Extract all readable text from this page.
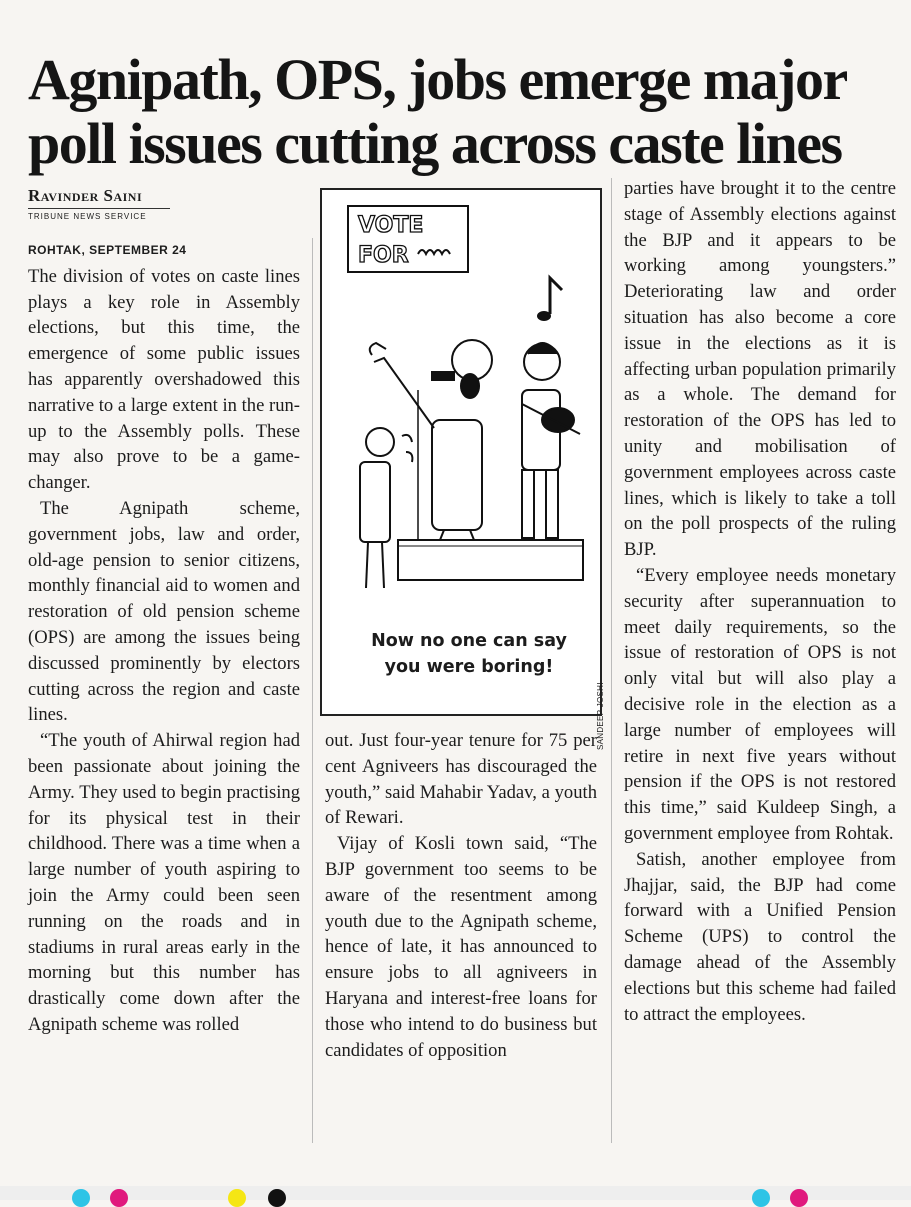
Agnipath, OPS, jobs emerge major poll issues cutting across caste lines
Ravinder Saini
TRIBUNE NEWS SERVICE
ROHTAK, SEPTEMBER 24

The division of votes on caste lines plays a key role in Assembly elections, but this time, the emergence of some public issues has apparently overshadowed this narrative to a large extent in the run-up to the Assembly polls. These may also prove to be a game-changer.

The Agnipath scheme, government jobs, law and order, old-age pension to senior citizens, monthly financial aid to women and restoration of old pension scheme (OPS) are among the issues being discussed prominently by electors cutting across the region and caste lines.

“The youth of Ahirwal region had been passionate about joining the Army. They used to begin practising for its physical test in their childhood. There was a time when a large number of youth aspiring to join the Army could been seen running on the roads and in stadiums in rural areas early in the morning but this number has drastically come down after the Agnipath scheme was rolled

VOTE
FOR
Now no one can say
you were boring!
SANDEEP JOSHI

out. Just four-year tenure for 75 per cent Agniveers has discouraged the youth,” said Mahabir Yadav, a youth of Rewari.

Vijay of Kosli town said, “The BJP government too seems to be aware of the resentment among youth due to the Agnipath scheme, hence of late, it has announced to ensure jobs to all agniveers in Haryana and interest-free loans for those who intend to do business but candidates of opposition

parties have brought it to the centre stage of Assembly elections against the BJP and it appears to be working among youngsters.” Deteriorating law and order situation has also become a core issue in the elections as it is affecting urban population primarily as a whole. The demand for restoration of the OPS has led to unity and mobilisation of government employees across caste lines, which is likely to take a toll on the poll prospects of the ruling BJP.

“Every employee needs monetary security after superannuation to meet daily requirements, so the issue of restoration of OPS is not only vital but will also play a decisive role in the election as a large number of employees will retire in next five years without pension if the OPS is not restored this time,” said Kuldeep Singh, a government employee from Rohtak.

Satish, another employee from Jhajjar, said, the BJP had come forward with a Unified Pension Scheme (UPS) to control the damage ahead of the Assembly elections but this scheme had failed to attract the employees.
